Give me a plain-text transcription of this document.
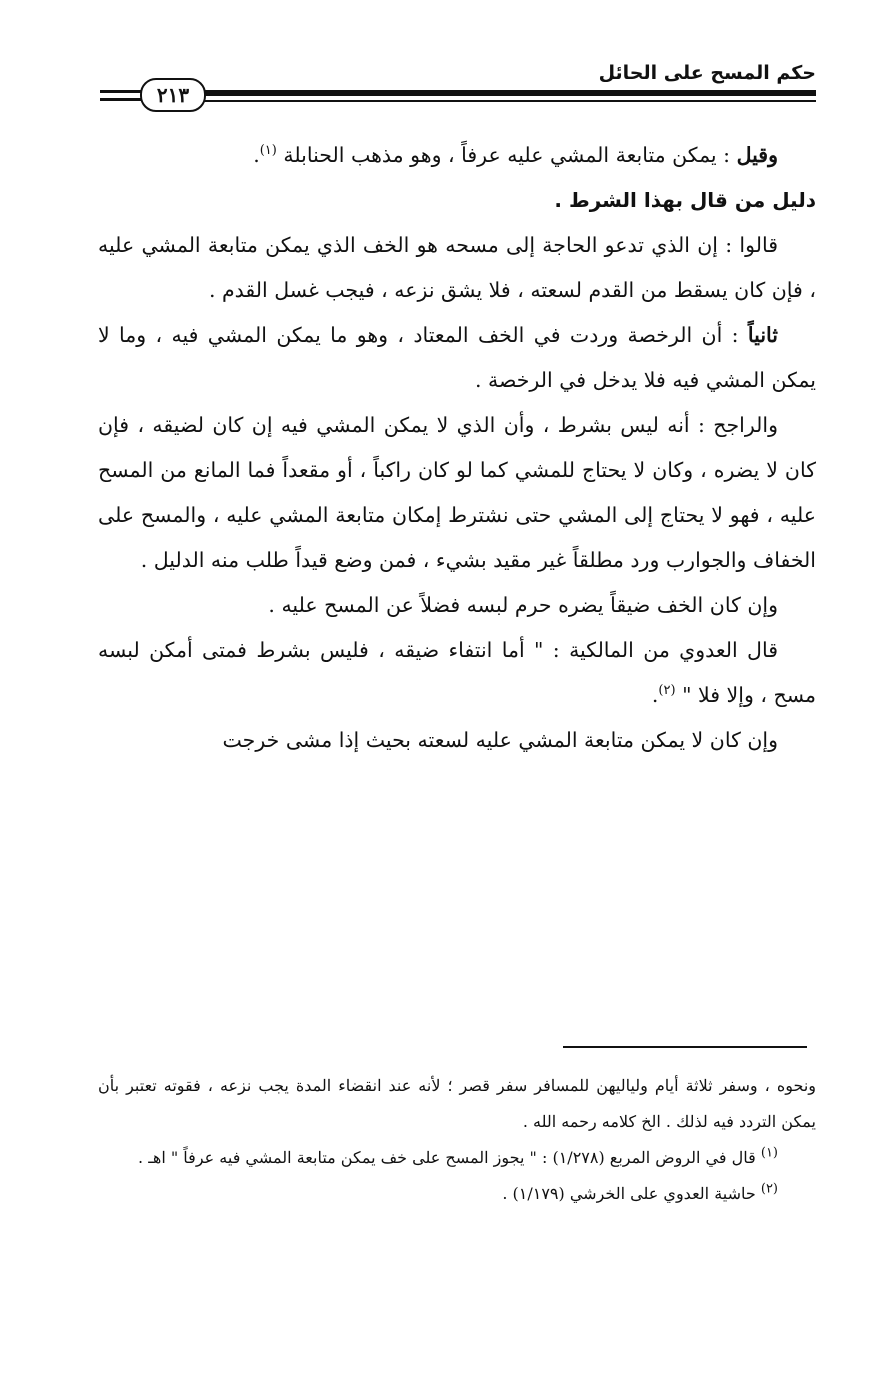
حكم المسح على الحائل
٢١٣

وقيل : يمكن متابعة المشي عليه عرفاً ، وهو مذهب الحنابلة $^{(١)}$.

دليل من قال بهذا الشرط .

قالوا : إن الذي تدعو الحاجة إلى مسحه هو الخف الذي يمكن متابعة المشي عليه ، فإن كان يسقط من القدم لسعته ، فلا يشق نزعه ، فيجب غسل القدم .

ثانياً : أن الرخصة وردت في الخف المعتاد ، وهو ما يمكن المشي فيه ، وما لا يمكن المشي فيه فلا يدخل في الرخصة .

والراجح : أنه ليس بشرط ، وأن الذي لا يمكن المشي فيه إن كان لضيقه ، فإن كان لا يضره ، وكان لا يحتاج للمشي كما لو كان راكباً ، أو مقعداً فما المانع من المسح عليه ، فهو لا يحتاج إلى المشي حتى نشترط إمكان متابعة المشي عليه ، والمسح على الخفاف والجوارب ورد مطلقاً غير مقيد بشيء ، فمن وضع قيداً طلب منه الدليل .

وإن كان الخف ضيقاً يضره حرم لبسه فضلاً عن المسح عليه .

قال العدوي من المالكية : " أما انتفاء ضيقه ، فليس بشرط فمتى أمكن لبسه مسح ، وإلا فلا " $^{(٢)}$.

وإن كان لا يمكن متابعة المشي عليه لسعته بحيث إذا مشى خرجت

ونحوه ، وسفر ثلاثة أيام ولياليهن للمسافر سفر قصر ؛ لأنه عند انقضاء المدة يجب نزعه ، فقوته تعتبر بأن يمكن التردد فيه لذلك . الخ كلامه رحمه الله .

$^{(١)}$ قال في الروض المربع (١/٢٧٨) : " يجوز المسح على خف يمكن متابعة المشي فيه عرفاً " اهـ .

$^{(٢)}$ حاشية العدوي على الخرشي (١/١٧٩) .
